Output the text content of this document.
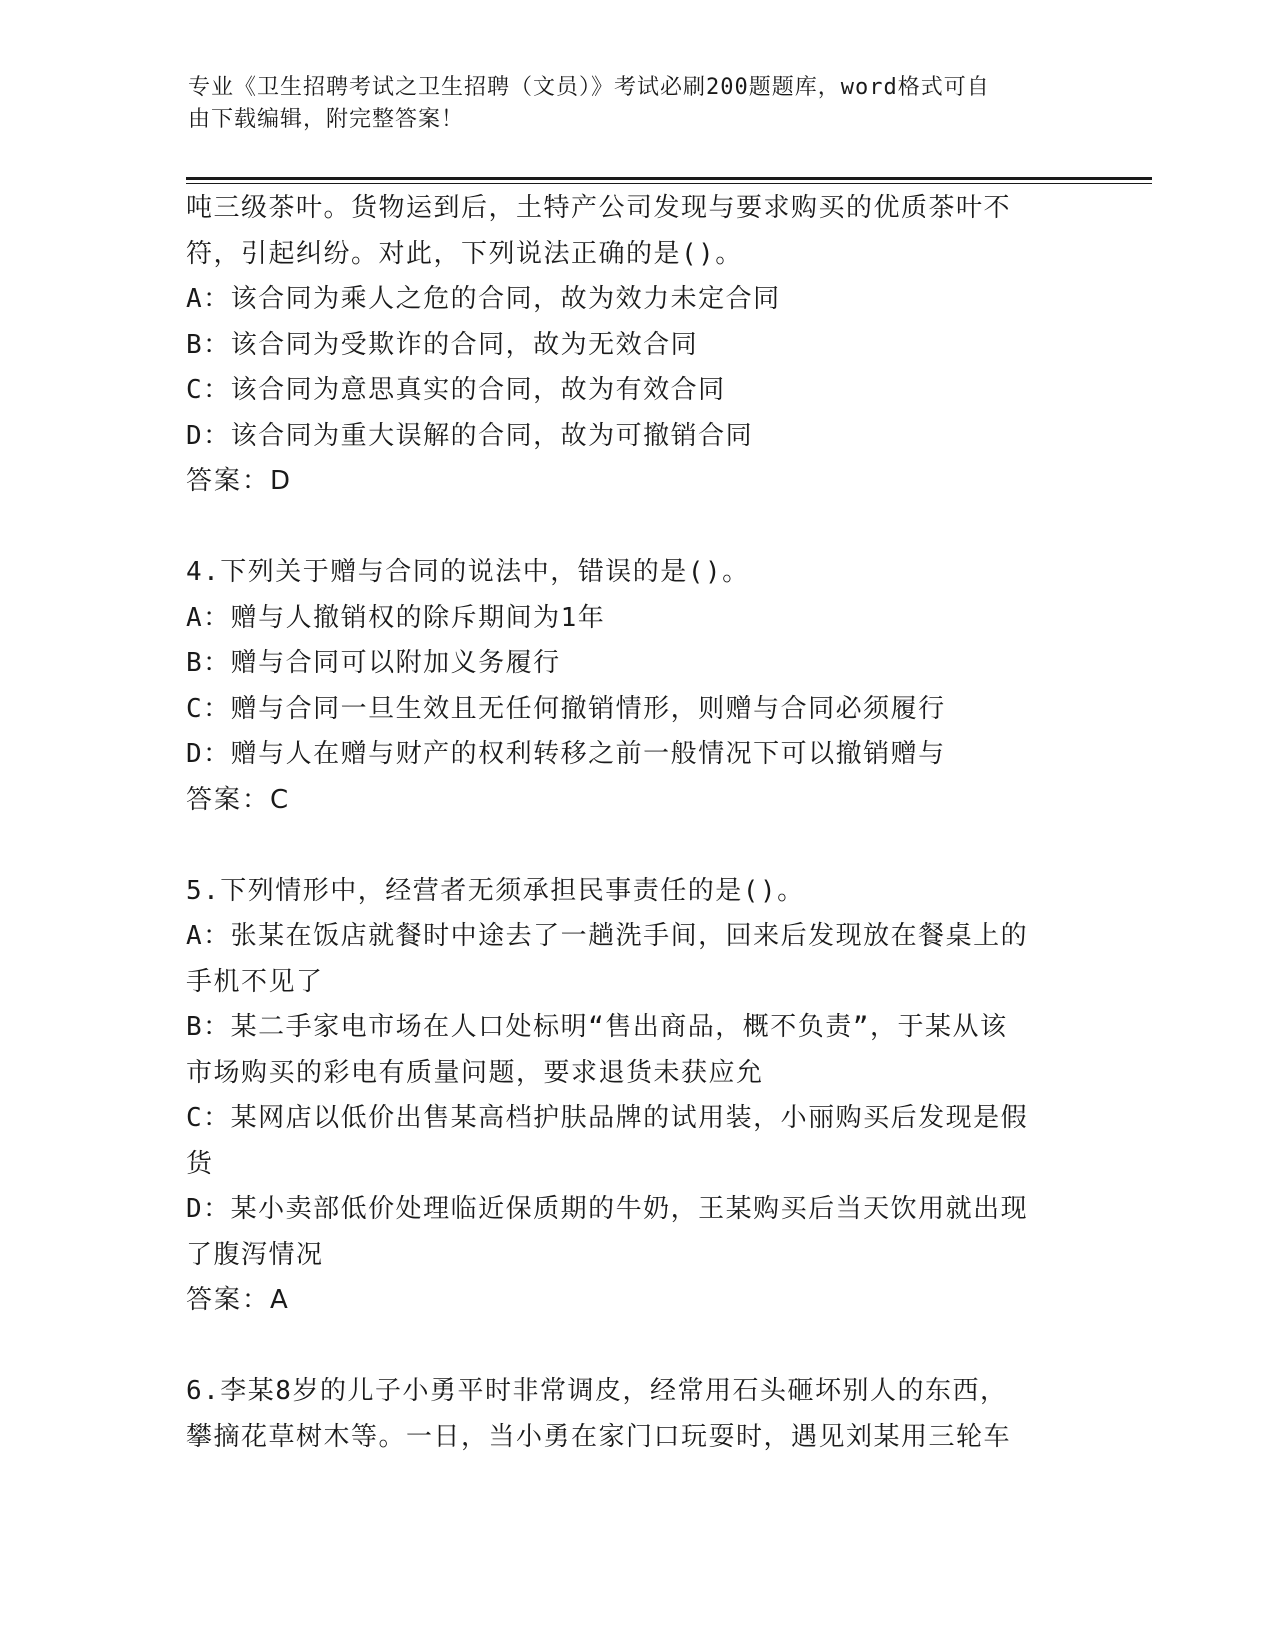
专业《卫生招聘考试之卫生招聘（文员）》考试必刷200题题库，word格式可自
由下载编辑，附完整答案！
吨三级茶叶。货物运到后，土特产公司发现与要求购买的优质茶叶不
符，引起纠纷。对此，下列说法正确的是()。
A：该合同为乘人之危的合同，故为效力未定合同
B：该合同为受欺诈的合同，故为无效合同
C：该合同为意思真实的合同，故为有效合同
D：该合同为重大误解的合同，故为可撤销合同
答案：D
4.下列关于赠与合同的说法中，错误的是()。
A：赠与人撤销权的除斥期间为1年
B：赠与合同可以附加义务履行
C：赠与合同一旦生效且无任何撤销情形，则赠与合同必须履行
D：赠与人在赠与财产的权利转移之前一般情况下可以撤销赠与
答案：C
5.下列情形中，经营者无须承担民事责任的是()。
A：张某在饭店就餐时中途去了一趟洗手间，回来后发现放在餐桌上的
手机不见了
B：某二手家电市场在人口处标明“售出商品，概不负责”，于某从该
市场购买的彩电有质量问题，要求退货未获应允
C：某网店以低价出售某高档护肤品牌的试用装，小丽购买后发现是假
货
D：某小卖部低价处理临近保质期的牛奶，王某购买后当天饮用就出现
了腹泻情况
答案：A
6.李某8岁的儿子小勇平时非常调皮，经常用石头砸坏别人的东西，
攀摘花草树木等。一日，当小勇在家门口玩耍时，遇见刘某用三轮车
